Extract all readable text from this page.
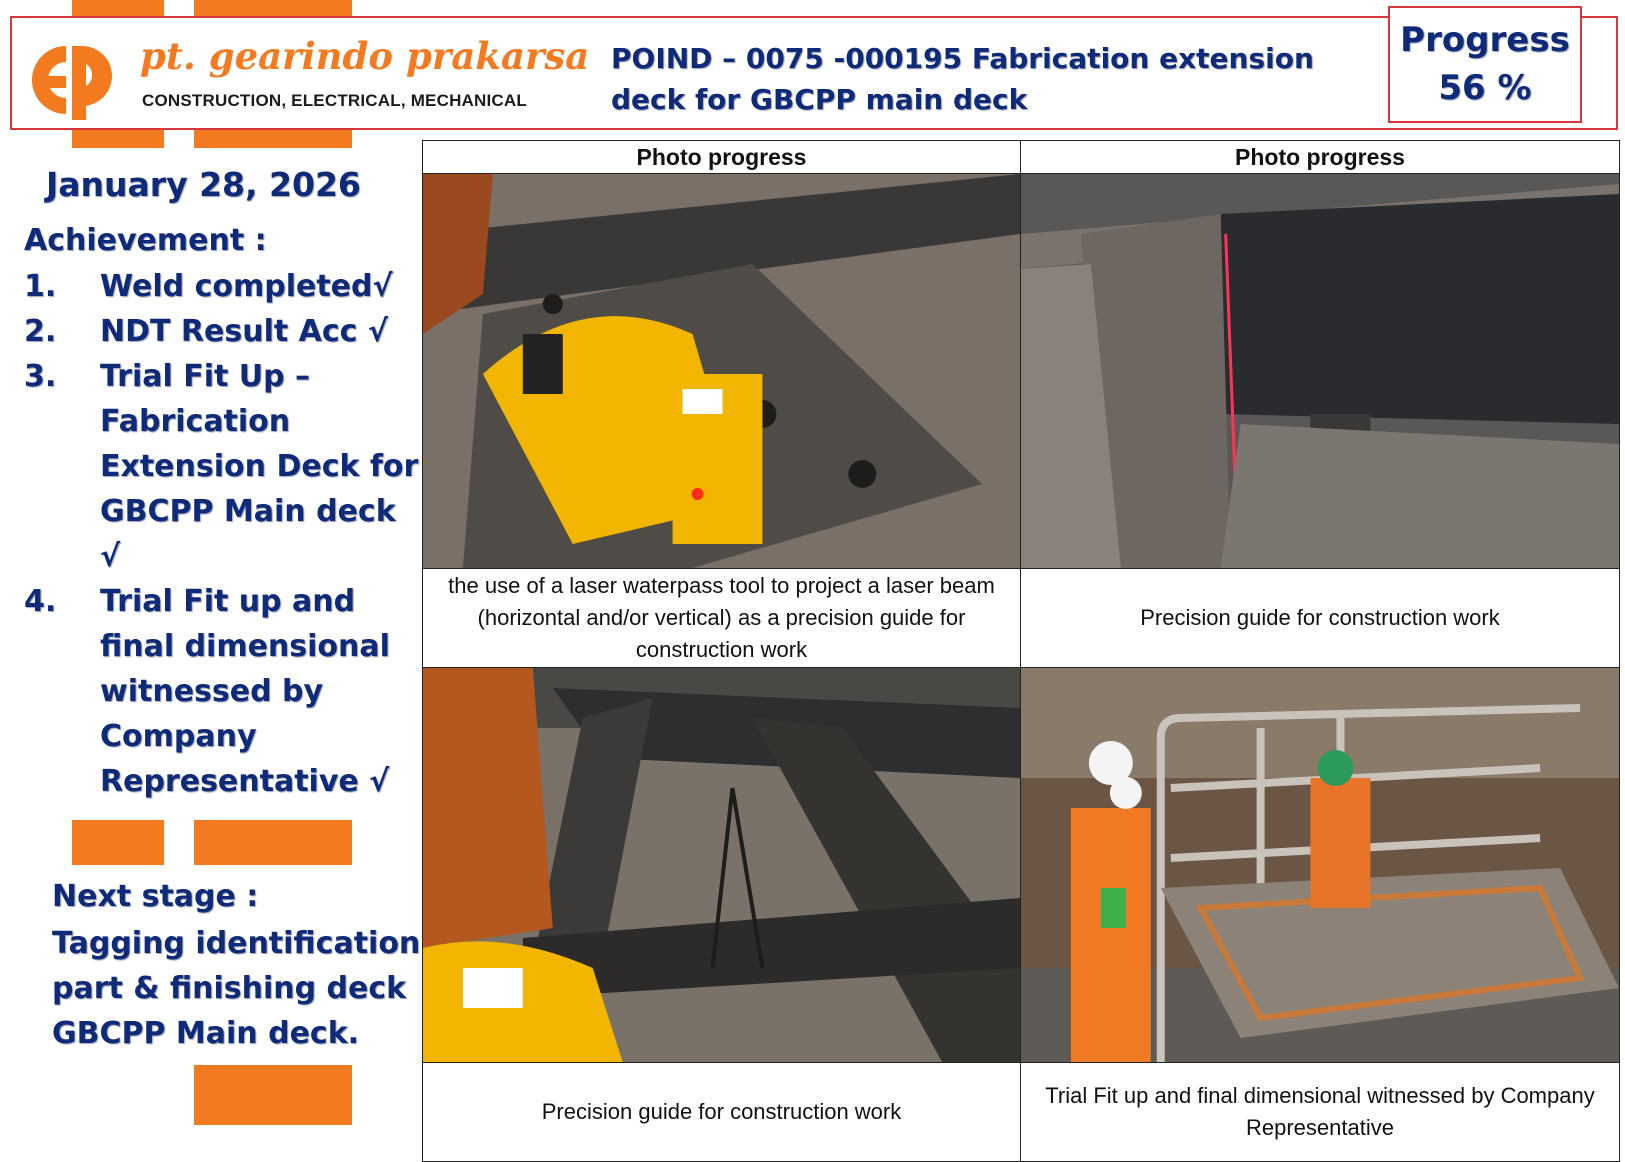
pt. gearindo prakarsa
CONSTRUCTION, ELECTRICAL, MECHANICAL
POIND – 0075 -000195 Fabrication extension deck for GBCPP main deck
Progress
56 %
January 28, 2026
Achievement :
1. Weld completed√
2. NDT Result Acc √
3. Trial Fit Up – Fabrication Extension Deck for GBCPP Main deck √
4. Trial Fit up and final dimensional witnessed by Company Representative √
Next stage :
Tagging identification part & finishing deck GBCPP Main deck.
Photo progress	Photo progress

the use of a laser waterpass tool to project a laser beam (horizontal and/or vertical) as a precision guide for construction work	Precision guide for construction work

Precision guide for construction work	Trial Fit up and final dimensional witnessed by Company Representative
